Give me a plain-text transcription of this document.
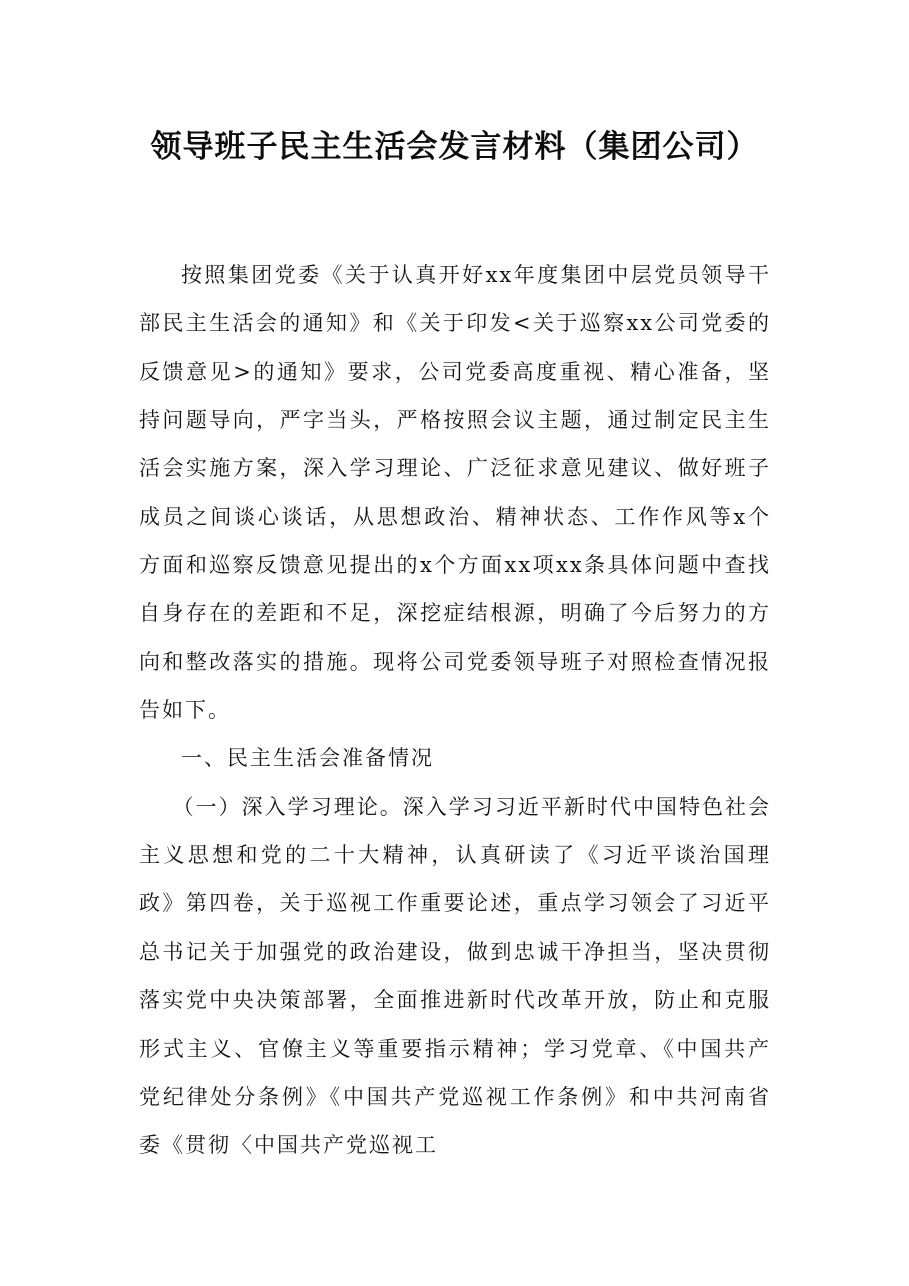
领导班子民主生活会发言材料（集团公司）

按照集团党委《关于认真开好xx年度集团中层党员领导干部民主生活会的通知》和《关于印发<关于巡察xx公司党委的反馈意见>的通知》要求，公司党委高度重视、精心准备，坚持问题导向，严字当头，严格按照会议主题，通过制定民主生活会实施方案，深入学习理论、广泛征求意见建议、做好班子成员之间谈心谈话，从思想政治、精神状态、工作作风等x个方面和巡察反馈意见提出的x个方面xx项xx条具体问题中查找自身存在的差距和不足，深挖症结根源，明确了今后努力的方向和整改落实的措施。现将公司党委领导班子对照检查情况报告如下。

一、民主生活会准备情况

（一）深入学习理论。深入学习习近平新时代中国特色社会主义思想和党的二十大精神，认真研读了《习近平谈治国理政》第四卷，关于巡视工作重要论述，重点学习领会了习近平总书记关于加强党的政治建设，做到忠诚干净担当，坚决贯彻落实党中央决策部署，全面推进新时代改革开放，防止和克服形式主义、官僚主义等重要指示精神；学习党章、《中国共产党纪律处分条例》《中国共产党巡视工作条例》和中共河南省委《贯彻〈中国共产党巡视工
